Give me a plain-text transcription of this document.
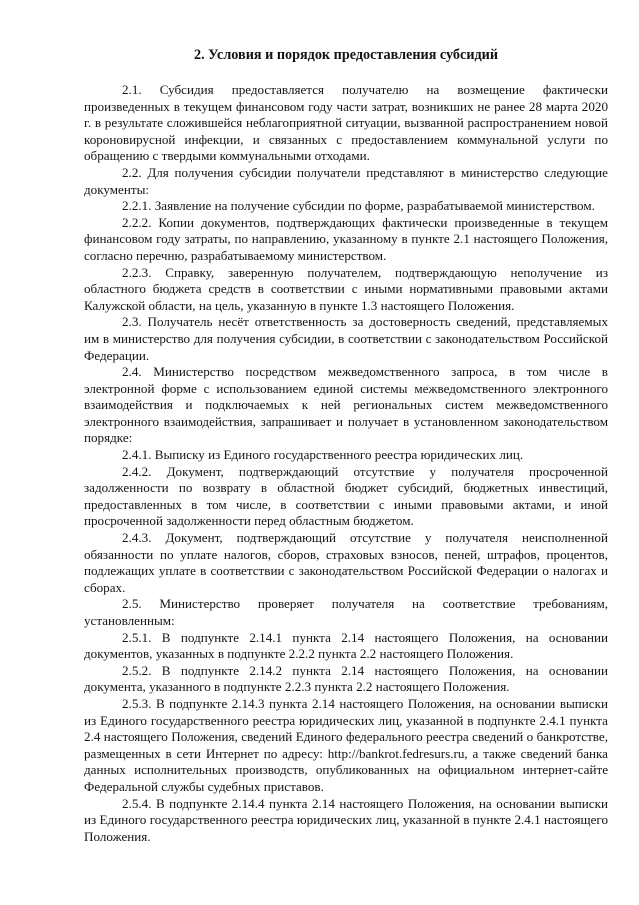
2. Условия и порядок предоставления субсидий

2.1. Субсидия предоставляется получателю на возмещение фактически произведенных в текущем финансовом году части затрат, возникших не ранее 28 марта 2020 г. в результате сложившейся неблагоприятной ситуации, вызванной распространением новой короновирусной инфекции, и связанных с предоставлением коммунальной услуги по обращению с твердыми коммунальными отходами.

2.2. Для получения субсидии получатели представляют в министерство следующие документы:

2.2.1. Заявление на получение субсидии по форме, разрабатываемой министерством.

2.2.2. Копии документов, подтверждающих фактически произведенные в текущем финансовом году затраты, по направлению, указанному в пункте 2.1 настоящего Положения, согласно перечню, разрабатываемому министерством.

2.2.3. Справку, заверенную получателем, подтверждающую неполучение из областного бюджета средств в соответствии с иными нормативными правовыми актами Калужской области, на цель, указанную в пункте 1.3 настоящего Положения.

2.3. Получатель несёт ответственность за достоверность сведений, представляемых им в министерство для получения субсидии, в соответствии с законодательством Российской Федерации.

2.4. Министерство посредством межведомственного запроса, в том числе в электронной форме с использованием единой системы межведомственного электронного взаимодействия и подключаемых к ней региональных систем межведомственного электронного взаимодействия, запрашивает и получает в установленном законодательством порядке:

2.4.1. Выписку из Единого государственного реестра юридических лиц.

2.4.2. Документ, подтверждающий отсутствие у получателя просроченной задолженности по возврату в областной бюджет субсидий, бюджетных инвестиций, предоставленных в том числе, в соответствии с иными правовыми актами, и иной просроченной задолженности перед областным бюджетом.

2.4.3. Документ, подтверждающий отсутствие у получателя неисполненной обязанности по уплате налогов, сборов, страховых взносов, пеней, штрафов, процентов, подлежащих уплате в соответствии с законодательством Российской Федерации о налогах и сборах.

2.5. Министерство проверяет получателя на соответствие требованиям, установленным:

2.5.1. В подпункте 2.14.1 пункта 2.14 настоящего Положения, на основании документов, указанных в подпункте 2.2.2 пункта 2.2 настоящего Положения.

2.5.2. В подпункте 2.14.2 пункта 2.14 настоящего Положения, на основании документа, указанного в подпункте 2.2.3 пункта 2.2 настоящего Положения.

2.5.3. В подпункте 2.14.3 пункта 2.14 настоящего Положения, на основании выписки из Единого государственного реестра юридических лиц, указанной в подпункте 2.4.1 пункта 2.4 настоящего Положения, сведений Единого федерального реестра сведений о банкротстве, размещенных в сети Интернет по адресу: http://bankrot.fedresurs.ru, а также сведений банка данных исполнительных производств, опубликованных на официальном интернет-сайте Федеральной службы судебных приставов.

2.5.4. В подпункте 2.14.4 пункта 2.14 настоящего Положения, на основании выписки из Единого государственного реестра юридических лиц, указанной в пункте 2.4.1 настоящего Положения.
